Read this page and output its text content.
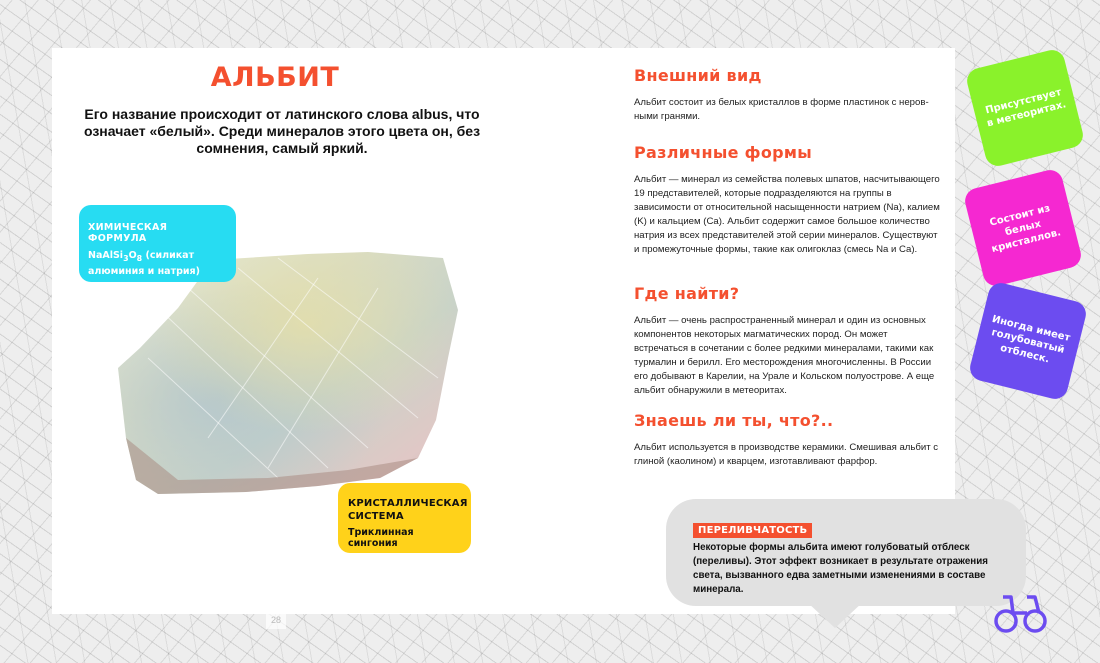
АЛЬБИТ

Его название происходит от латинского слова albus, что означает «белый». Среди минералов этого цвета он, без сомнения, самый яркий.

ХИМИЧЕСКАЯ ФОРМУЛА
$NaAlSi_3O_8$ (силикат алюминия и натрия)
КРИСТАЛЛИЧЕСКАЯ СИСТЕМА
Триклинная сингония
28
Внешний вид

Альбит состоит из белых кристаллов в форме пластинок с неровными гранями.

Различные формы

Альбит — минерал из семейства полевых шпатов, насчитывающего 19 представителей, которые подразделяются на группы в зависимости от относительной насыщенности натрием (Na), калием (K) и кальцием (Ca). Альбит содержит самое большое количество натрия из всех представителей этой серии минералов. Существуют и промежуточные формы, такие как олигоклаз (смесь Na и Ca).

Где найти?

Альбит — очень распространенный минерал и один из основных компонентов некоторых магматических пород. Он может встречаться в сочетании с более редкими минералами, такими как турмалин и берилл. Его месторождения многочисленны. В России его добывают в Карелии, на Урале и Кольском полуострове. А еще альбит обнаружили в метеоритах.

Знаешь ли ты, что?..

Альбит используется в производстве керамики. Смешивая альбит с глиной (каолином) и кварцем, изготавливают фарфор.

Присутствует в метеоритах.
Состоит из белых кристаллов.
Иногда имеет голубоватый отблеск.
ПЕРЕЛИВЧАТОСТЬ

Некоторые формы альбита имеют голубоватый отблеск (переливы). Этот эффект возникает в результате отражения света, вызванного едва заметными изменениями в составе минерала.
